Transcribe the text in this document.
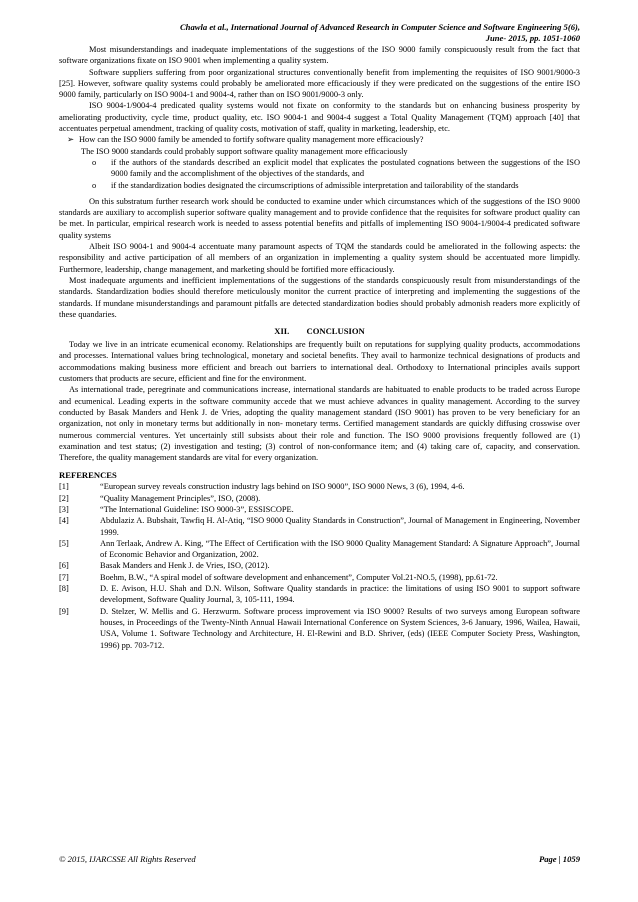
Chawla et al., International Journal of Advanced Research in Computer Science and Software Engineering 5(6),
June- 2015, pp. 1051-1060

Most misunderstandings and inadequate implementations of the suggestions of the ISO 9000 family conspicuously result from the fact that software organizations fixate on ISO 9001 when implementing a quality system.

Software suppliers suffering from poor organizational structures conventionally benefit from implementing the requisites of ISO 9001/9000-3 [25]. However, software quality systems could probably be ameliorated more efficaciously if they were predicated on the suggestions of the entire ISO 9000 family, particularly on ISO 9004-1 and 9004-4, rather than on ISO 9001/9000-3 only.

ISO 9004-1/9004-4 predicated quality systems would not fixate on conformity to the standards but on enhancing business prosperity by ameliorating productivity, cycle time, product quality, etc. ISO 9004-1 and 9004-4 suggest a Total Quality Management (TQM) approach [40] that accentuates perpetual amendment, tracking of quality costs, motivation of staff, quality in marketing, leadership, etc.

➢ How can the ISO 9000 family be amended to fortify software quality management more efficaciously?
The ISO 9000 standards could probably support software quality management more efficaciously
o if the authors of the standards described an explicit model that explicates the postulated cognations between the suggestions of the ISO 9000 family and the accomplishment of the objectives of the standards, and
o if the standardization bodies designated the circumscriptions of admissible interpretation and tailorability of the standards

On this substratum further research work should be conducted to examine under which circumstances which of the suggestions of the ISO 9000 standards are auxiliary to accomplish superior software quality management and to provide confidence that the requisites for software product quality can be met. In particular, empirical research work is needed to assess potential benefits and pitfalls of implementing ISO 9004-1/9004-4 predicated software quality systems

Albeit ISO 9004-1 and 9004-4 accentuate many paramount aspects of TQM the standards could be ameliorated in the following aspects: the responsibility and active participation of all members of an organization in implementing a quality system should be accentuated more limpidly. Furthermore, leadership, change management, and marketing should be fortified more efficaciously.

Most inadequate arguments and inefficient implementations of the suggestions of the standards conspicuously result from misunderstandings of the standards. Standardization bodies should therefore meticulously monitor the current practice of interpreting and implementing the suggestions of the standards. If mundane misunderstandings and paramount pitfalls are detected standardization bodies should probably admonish readers more explicitly of these quandaries.

XII. CONCLUSION

Today we live in an intricate ecumenical economy. Relationships are frequently built on reputations for supplying quality products, accommodations and processes. International values bring technological, monetary and societal benefits. They avail to harmonize technical designations of products and accommodations making business more efficient and breach out barriers to international deal. Orthodoxy to International principles avails support customers that products are secure, efficient and fine for the environment.

As international trade, peregrinate and communications increase, international standards are habituated to enable products to be traded across Europe and ecumenical. Leading experts in the software community accede that we must achieve advances in quality management. According to the survey conducted by Basak Manders and Henk J. de Vries, adopting the quality management standard (ISO 9001) has proven to be very beneficiary for an organization, not only in monetary terms but additionally in non- monetary terms. Certified management standards are quickly diffusing crosswise over numerous commercial ventures. Yet uncertainly still subsists about their role and function. The ISO 9000 provisions frequently followed are (1) examination and test status; (2) investigation and testing; (3) control of non-conformance item; and (4) taking care of, capacity, and conservation. Therefore, the quality management standards are vital for every organization.

REFERENCES
[1]	“European survey reveals construction industry lags behind on ISO 9000”, ISO 9000 News, 3 (6), 1994, 4-6.
[2]	“Quality Management Principles”, ISO, (2008).
[3]	“The International Guideline: ISO 9000-3”, ESSISCOPE.
[4]	Abdulaziz A. Bubshait, Tawfiq H. Al-Atiq, “ISO 9000 Quality Standards in Construction”, Journal of Management in Engineering, November 1999.
[5]	Ann Terlaak, Andrew A. King, “The Effect of Certification with the ISO 9000 Quality Management Standard: A Signature Approach”, Journal of Economic Behavior and Organization, 2002.
[6]	Basak Manders and Henk J. de Vries, ISO, (2012).
[7]	Boehm, B.W., “A spiral model of software development and enhancement”, Computer Vol.21-NO.5, (1998), pp.61-72.
[8]	D. E. Avison, H.U. Shah and D.N. Wilson, Software Quality standards in practice: the limitations of using ISO 9001 to support software development, Software Quality Journal, 3, 105-111, 1994.
[9]	D. Stelzer, W. Mellis and G. Herzwurm. Software process improvement via ISO 9000? Results of two surveys among European software houses, in Proceedings of the Twenty-Ninth Annual Hawaii International Conference on System Sciences, 3-6 January, 1996, Wailea, Hawaii, USA, Volume 1. Software Technology and Architecture, H. El-Rewini and B.D. Shriver, (eds) (IEEE Computer Society Press, Washington, 1996) pp. 703-712.
© 2015, IJARCSSE All Rights Reserved	Page | 1059
